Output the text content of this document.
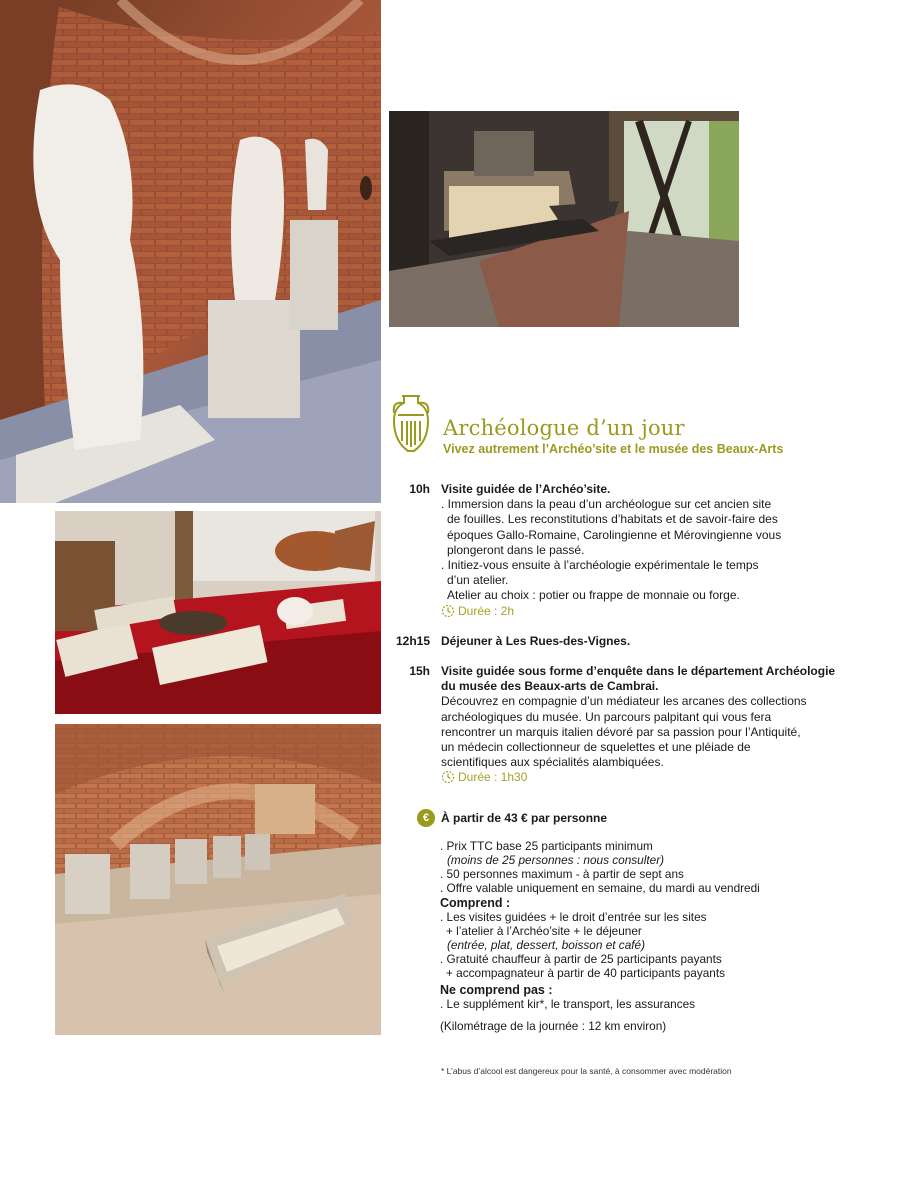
Archéologue d’un jour

Vivez autrement l’Archéo’site et le musée des Beaux-Arts

10h Visite guidée de l’Archéo’site.
. Immersion dans la peau d’un archéologue sur cet ancien site
de fouilles. Les reconstitutions d’habitats et de savoir-faire des
époques Gallo-Romaine, Carolingienne et Mérovingienne vous
plongeront dans le passé.
. Initiez-vous ensuite à l’archéologie expérimentale le temps
d’un atelier.
Atelier au choix : potier ou frappe de monnaie ou forge.
Durée : 2h
12h15 Déjeuner à Les Rues-des-Vignes.
15h Visite guidée sous forme d’enquête dans le département Archéologie
du musée des Beaux-arts de Cambrai.
Découvrez en compagnie d’un médiateur les arcanes des collections
archéologiques du musée. Un parcours palpitant qui vous fera
rencontrer un marquis italien dévoré par sa passion pour l’Antiquité,
un médecin collectionneur de squelettes et une pléiade de
scientifiques aux spécialités alambiquées.
Durée : 1h30
€ À partir de 43 € par personne
. Prix TTC base 25 participants minimum
(moins de 25 personnes : nous consulter)
. 50 personnes maximum - à partir de sept ans
. Offre valable uniquement en semaine, du mardi au vendredi
Comprend :
. Les visites guidées + le droit d’entrée sur les sites
+ l’atelier à l’Archéo’site + le déjeuner
(entrée, plat, dessert, boisson et café)
. Gratuité chauffeur à partir de 25 participants payants
+ accompagnateur à partir de 40 participants payants
Ne comprend pas :
. Le supplément kir*, le transport, les assurances
(Kilométrage de la journée : 12 km environ)
* L’abus d’alcool est dangereux pour la santé, à consommer avec modération
